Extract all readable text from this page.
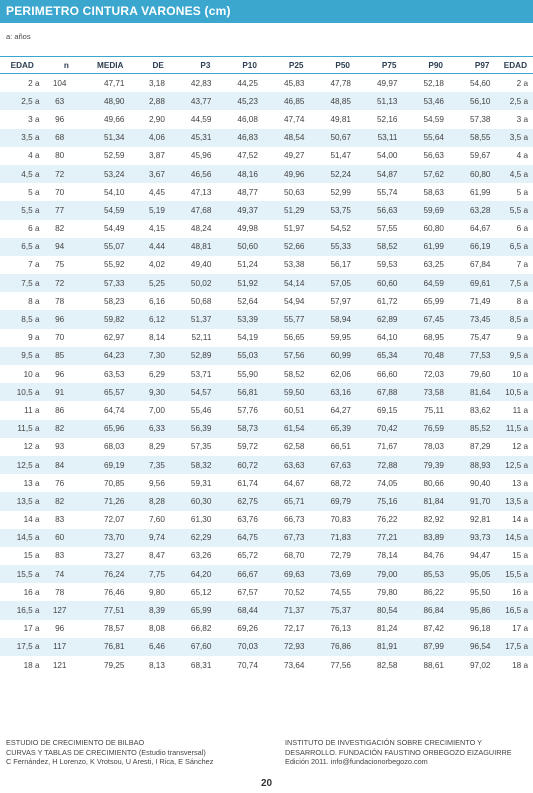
PERIMETRO CINTURA VARONES (cm)
a: años
EDAD	n	MEDIA	DE	P3	P10	P25	P50	P75	P90	P97	EDAD
2 a	104	47,71	3,18	42,83	44,25	45,83	47,78	49,97	52,18	54,60	2 a
2,5 a	63	48,90	2,88	43,77	45,23	46,85	48,85	51,13	53,46	56,10	2,5 a
3 a	96	49,66	2,90	44,59	46,08	47,74	49,81	52,16	54,59	57,38	3 a
3,5 a	68	51,34	4,06	45,31	46,83	48,54	50,67	53,11	55,64	58,55	3,5 a
4 a	80	52,59	3,87	45,96	47,52	49,27	51,47	54,00	56,63	59,67	4 a
4,5 a	72	53,24	3,67	46,56	48,16	49,96	52,24	54,87	57,62	60,80	4,5 a
5 a	70	54,10	4,45	47,13	48,77	50,63	52,99	55,74	58,63	61,99	5 a
5,5 a	77	54,59	5,19	47,68	49,37	51,29	53,75	56,63	59,69	63,28	5,5 a
6 a	82	54,49	4,15	48,24	49,98	51,97	54,52	57,55	60,80	64,67	6 a
6,5 a	94	55,07	4,44	48,81	50,60	52,66	55,33	58,52	61,99	66,19	6,5 a
7 a	75	55,92	4,02	49,40	51,24	53,38	56,17	59,53	63,25	67,84	7 a
7,5 a	72	57,33	5,25	50,02	51,92	54,14	57,05	60,60	64,59	69,61	7,5 a
8 a	78	58,23	6,16	50,68	52,64	54,94	57,97	61,72	65,99	71,49	8 a
8,5 a	96	59,82	6,12	51,37	53,39	55,77	58,94	62,89	67,45	73,45	8,5 a
9 a	70	62,97	8,14	52,11	54,19	56,65	59,95	64,10	68,95	75,47	9 a
9,5 a	85	64,23	7,30	52,89	55,03	57,56	60,99	65,34	70,48	77,53	9,5 a
10 a	96	63,53	6,29	53,71	55,90	58,52	62,06	66,60	72,03	79,60	10 a
10,5 a	91	65,57	9,30	54,57	56,81	59,50	63,16	67,88	73,58	81,64	10,5 a
11 a	86	64,74	7,00	55,46	57,76	60,51	64,27	69,15	75,11	83,62	11 a
11,5 a	82	65,96	6,33	56,39	58,73	61,54	65,39	70,42	76,59	85,52	11,5 a
12 a	93	68,03	8,29	57,35	59,72	62,58	66,51	71,67	78,03	87,29	12 a
12,5 a	84	69,19	7,35	58,32	60,72	63,63	67,63	72,88	79,39	88,93	12,5 a
13 a	76	70,85	9,56	59,31	61,74	64,67	68,72	74,05	80,66	90,40	13 a
13,5 a	82	71,26	8,28	60,30	62,75	65,71	69,79	75,16	81,84	91,70	13,5 a
14 a	83	72,07	7,60	61,30	63,76	66,73	70,83	76,22	82,92	92,81	14 a
14,5 a	60	73,70	9,74	62,29	64,75	67,73	71,83	77,21	83,89	93,73	14,5 a
15 a	83	73,27	8,47	63,26	65,72	68,70	72,79	78,14	84,76	94,47	15 a
15,5 a	74	76,24	7,75	64,20	66,67	69,63	73,69	79,00	85,53	95,05	15,5 a
16 a	78	76,46	9,80	65,12	67,57	70,52	74,55	79,80	86,22	95,50	16 a
16,5 a	127	77,51	8,39	65,99	68,44	71,37	75,37	80,54	86,84	95,86	16,5 a
17 a	96	78,57	8,08	66,82	69,26	72,17	76,13	81,24	87,42	96,18	17 a
17,5 a	117	76,81	6,46	67,60	70,03	72,93	76,86	81,91	87,99	96,54	17,5 a
18 a	121	79,25	8,13	68,31	70,74	73,64	77,56	82,58	88,61	97,02	18 a
ESTUDIO DE CRECIMIENTO DE BILBAO
CURVAS Y TABLAS DE CRECIMIENTO (Estudio transversal)
C Fernández, H Lorenzo, K Vrotsou, U Aresti, I Rica, E Sánchez
INSTITUTO DE INVESTIGACIÓN SOBRE CRECIMIENTO Y
DESARROLLO. FUNDACIÓN FAUSTINO ORBEGOZO EIZAGUIRRE
Edición 2011. info@fundacionorbegozo.com
20
